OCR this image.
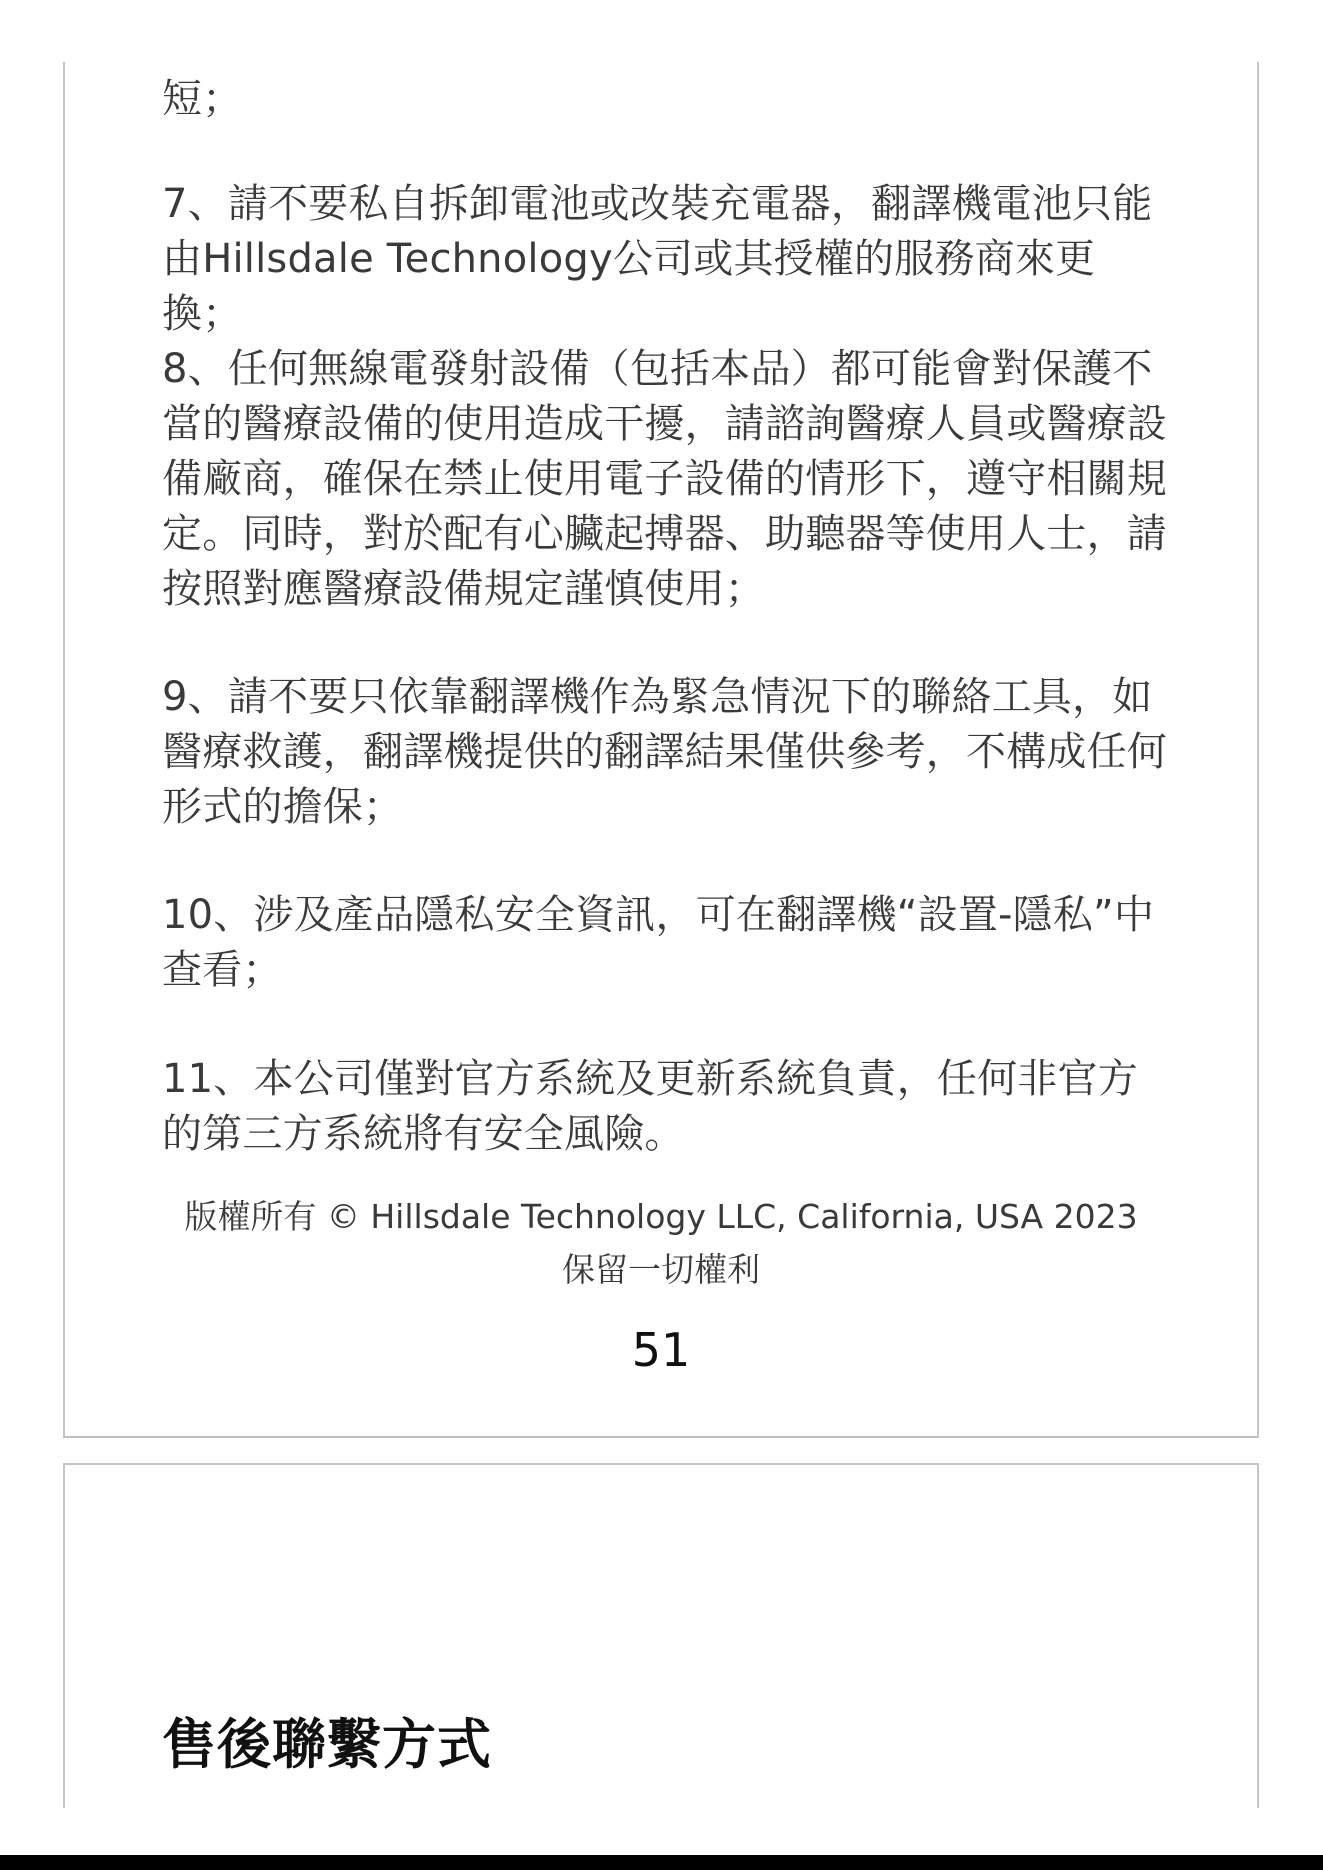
短；
7、請不要私自拆卸電池或改裝充電器，翻譯機電池只能由Hillsdale Technology公司或其授權的服務商來更換；
8、任何無線電發射設備（包括本品）都可能會對保護不當的醫療設備的使用造成干擾，請諮詢醫療人員或醫療設備廠商，確保在禁止使用電子設備的情形下，遵守相關規定。同時，對於配有心臟起搏器、助聽器等使用人士，請按照對應醫療設備規定謹慎使用；
9、請不要只依靠翻譯機作為緊急情況下的聯絡工具，如醫療救護，翻譯機提供的翻譯結果僅供參考，不構成任何形式的擔保；
10、涉及產品隱私安全資訊，可在翻譯機“設置-隱私”中查看；
11、本公司僅對官方系統及更新系統負責，任何非官方的第三方系統將有安全風險。
版權所有 © Hillsdale Technology LLC, California, USA 2023
保留一切權利
51
售後聯繫方式
